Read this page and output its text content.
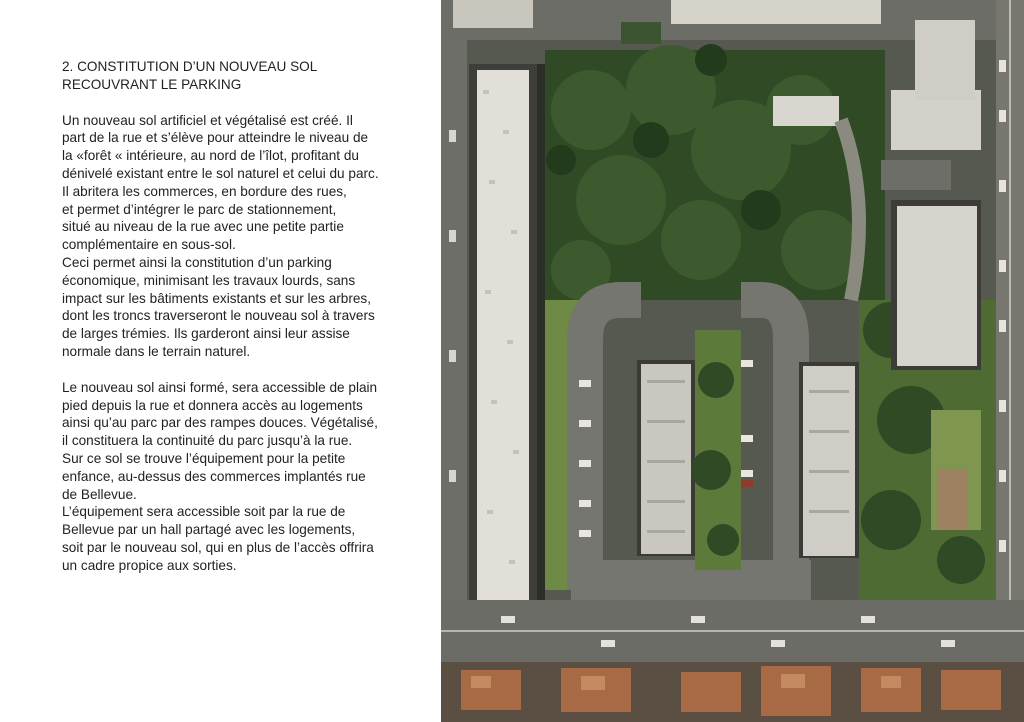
2. CONSTITUTION D’UN NOUVEAU SOL
RECOUVRANT LE PARKING

Un nouveau sol artificiel et végétalisé est créé. Il
part de la rue et s’élève pour atteindre le niveau de
la «forêt « intérieure, au nord de l’îlot, profitant du
dénivelé existant entre le sol naturel et celui du parc.
Il abritera les commerces, en bordure des rues,
et permet d’intégrer le parc de stationnement,
situé au niveau de la rue avec une petite partie
complémentaire en sous-sol.
Ceci permet ainsi la constitution d’un parking
économique, minimisant les travaux lourds, sans
impact sur les bâtiments existants et sur les arbres,
dont les troncs traverseront le nouveau sol à travers
de larges trémies. Ils garderont ainsi leur assise
normale dans le terrain naturel.

Le nouveau sol ainsi formé, sera accessible de plain
pied depuis la rue et donnera accès au logements
ainsi qu’au parc par des rampes douces. Végétalisé,
il constituera la continuité du parc jusqu’à la rue.
Sur ce sol se trouve l’équipement pour la petite
enfance, au-dessus des commerces implantés rue
de Bellevue.
L’équipement sera accessible soit par la rue de
Bellevue par un hall partagé avec les logements,
soit par le nouveau sol, qui en plus de l’accès offrira
un cadre propice aux sorties.
